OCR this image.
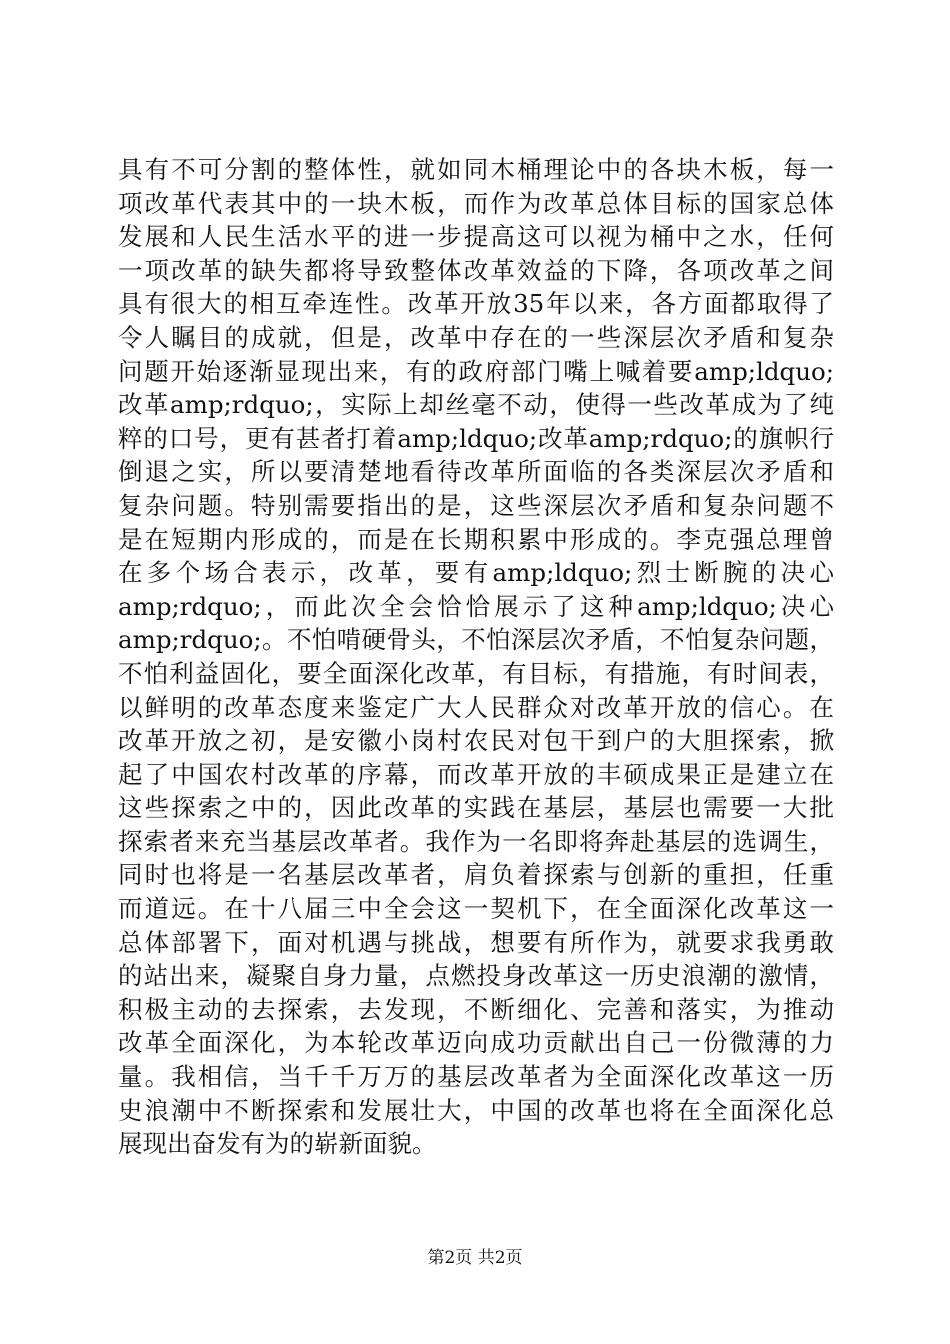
具有不可分割的整体性，就如同木桶理论中的各块木板，每一
项改革代表其中的一块木板，而作为改革总体目标的国家总体
发展和人民生活水平的进一步提高这可以视为桶中之水，任何
一项改革的缺失都将导致整体改革效益的下降，各项改革之间
具有很大的相互牵连性。改革开放35年以来，各方面都取得了
令人瞩目的成就，但是，改革中存在的一些深层次矛盾和复杂
问题开始逐渐显现出来，有的政府部门嘴上喊着要amp;ldquo;
改革amp;rdquo;，实际上却丝毫不动，使得一些改革成为了纯
粹的口号，更有甚者打着amp;ldquo;改革amp;rdquo;的旗帜行
倒退之实，所以要清楚地看待改革所面临的各类深层次矛盾和
复杂问题。特别需要指出的是，这些深层次矛盾和复杂问题不
是在短期内形成的，而是在长期积累中形成的。李克强总理曾
在多个场合表示，改革，要有amp;ldquo;烈士断腕的决心
amp;rdquo;，而此次全会恰恰展示了这种amp;ldquo;决心
amp;rdquo;。不怕啃硬骨头，不怕深层次矛盾，不怕复杂问题，
不怕利益固化，要全面深化改革，有目标，有措施，有时间表，
以鲜明的改革态度来鉴定广大人民群众对改革开放的信心。在
改革开放之初，是安徽小岗村农民对包干到户的大胆探索，掀
起了中国农村改革的序幕，而改革开放的丰硕成果正是建立在
这些探索之中的，因此改革的实践在基层，基层也需要一大批
探索者来充当基层改革者。我作为一名即将奔赴基层的选调生，
同时也将是一名基层改革者，肩负着探索与创新的重担，任重
而道远。在十八届三中全会这一契机下，在全面深化改革这一
总体部署下，面对机遇与挑战，想要有所作为，就要求我勇敢
的站出来，凝聚自身力量，点燃投身改革这一历史浪潮的激情，
积极主动的去探索，去发现，不断细化、完善和落实，为推动
改革全面深化，为本轮改革迈向成功贡献出自己一份微薄的力
量。我相信，当千千万万的基层改革者为全面深化改革这一历
史浪潮中不断探索和发展壮大，中国的改革也将在全面深化总
展现出奋发有为的崭新面貌。
第2页 共2页
